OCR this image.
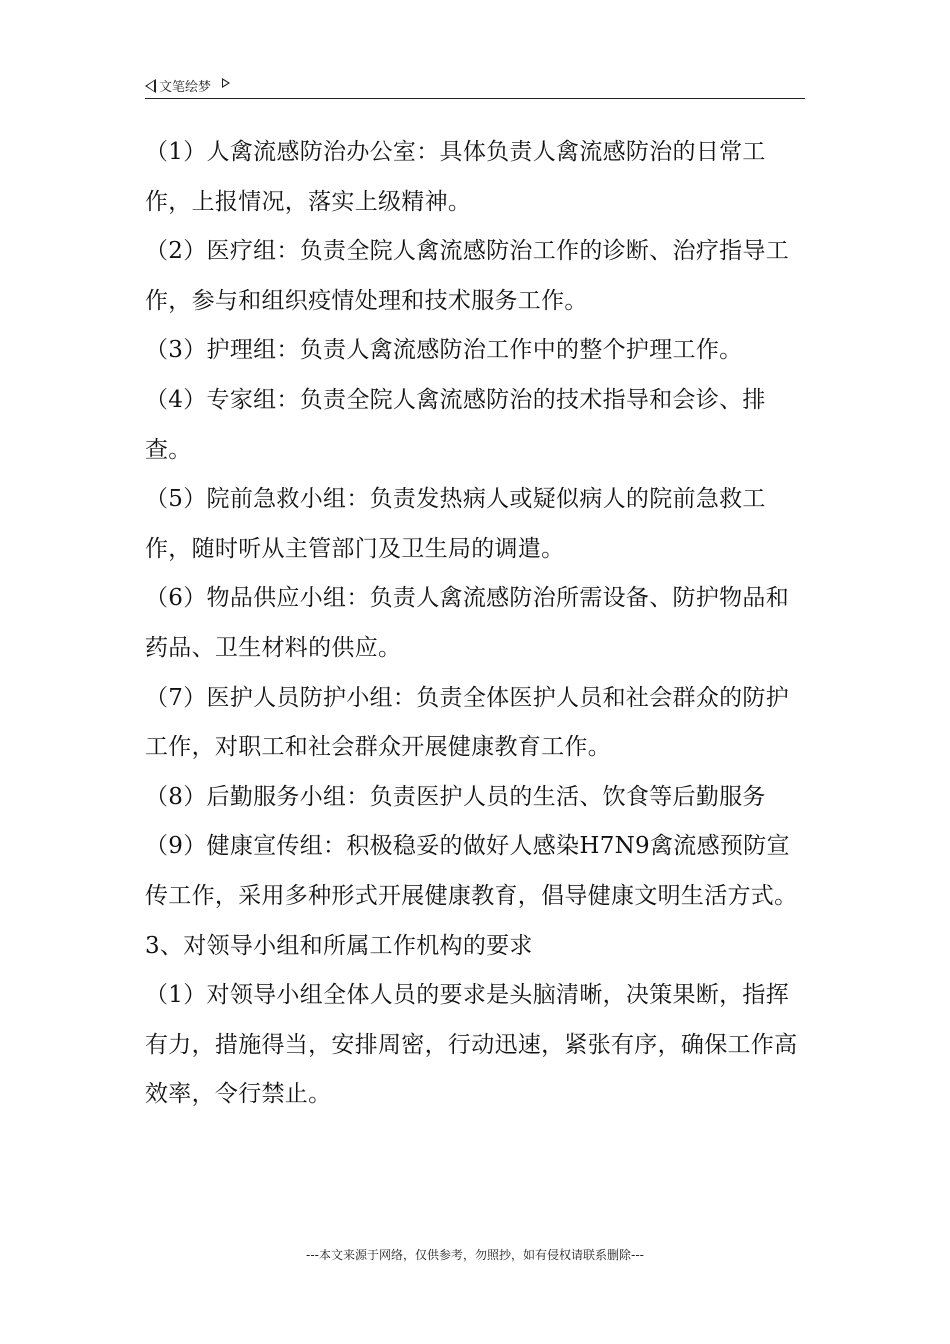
文笔绘梦

（1）人禽流感防治办公室：具体负责人禽流感防治的日常工作，上报情况，落实上级精神。

（2）医疗组：负责全院人禽流感防治工作的诊断、治疗指导工作，参与和组织疫情处理和技术服务工作。

（3）护理组：负责人禽流感防治工作中的整个护理工作。

（4）专家组：负责全院人禽流感防治的技术指导和会诊、排查。

（5）院前急救小组：负责发热病人或疑似病人的院前急救工作，随时听从主管部门及卫生局的调遣。

（6）物品供应小组：负责人禽流感防治所需设备、防护物品和药品、卫生材料的供应。

（7）医护人员防护小组：负责全体医护人员和社会群众的防护工作，对职工和社会群众开展健康教育工作。

（8）后勤服务小组：负责医护人员的生活、饮食等后勤服务

（9）健康宣传组：积极稳妥的做好人感染H7N9禽流感预防宣传工作，采用多种形式开展健康教育，倡导健康文明生活方式。

3、对领导小组和所属工作机构的要求

（1）对领导小组全体人员的要求是头脑清晰，决策果断，指挥有力，措施得当，安排周密，行动迅速，紧张有序，确保工作高效率，令行禁止。

---本文来源于网络，仅供参考，勿照抄，如有侵权请联系删除---
